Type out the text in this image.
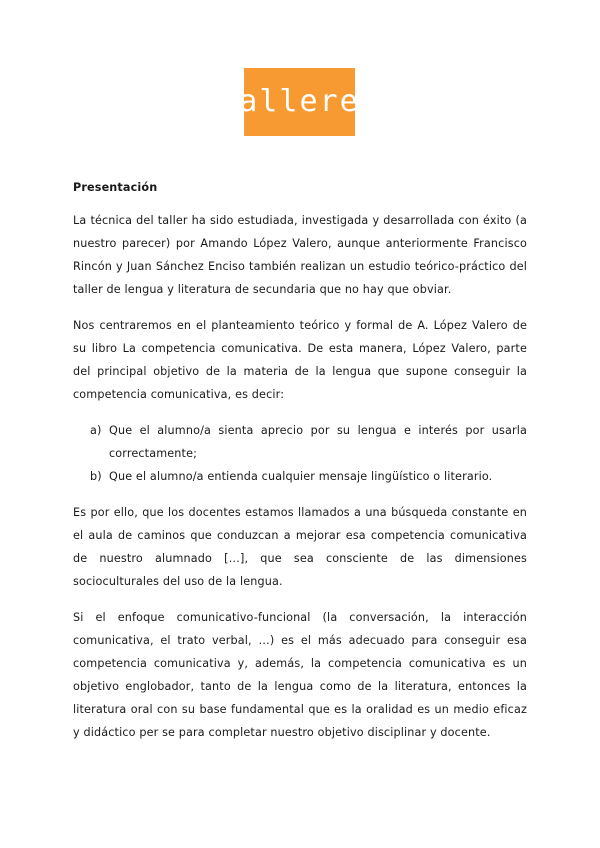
Talleres

Presentación

La técnica del taller ha sido estudiada, investigada y desarrollada con éxito (a nuestro parecer) por Amando López Valero, aunque anteriormente Francisco Rincón y Juan Sánchez Enciso también realizan un estudio teórico-práctico del taller de lengua y literatura de secundaria que no hay que obviar.

Nos centraremos en el planteamiento teórico y formal de A. López Valero de su libro La competencia comunicativa. De esta manera, López Valero, parte del principal objetivo de la materia de la lengua que supone conseguir la competencia comunicativa, es decir:

a) Que el alumno/a sienta aprecio por su lengua e interés por usarla correctamente;
b) Que el alumno/a entienda cualquier mensaje lingüístico o literario.

Es por ello, que los docentes estamos llamados a una búsqueda constante en el aula de caminos que conduzcan a mejorar esa competencia comunicativa de nuestro alumnado […], que sea consciente de las dimensiones socioculturales del uso de la lengua.

Si el enfoque comunicativo-funcional (la conversación, la interacción comunicativa, el trato verbal, …) es el más adecuado para conseguir esa competencia comunicativa y, además, la competencia comunicativa es un objetivo englobador, tanto de la lengua como de la literatura, entonces la literatura oral con su base fundamental que es la oralidad es un medio eficaz y didáctico per se para completar nuestro objetivo disciplinar y docente.
